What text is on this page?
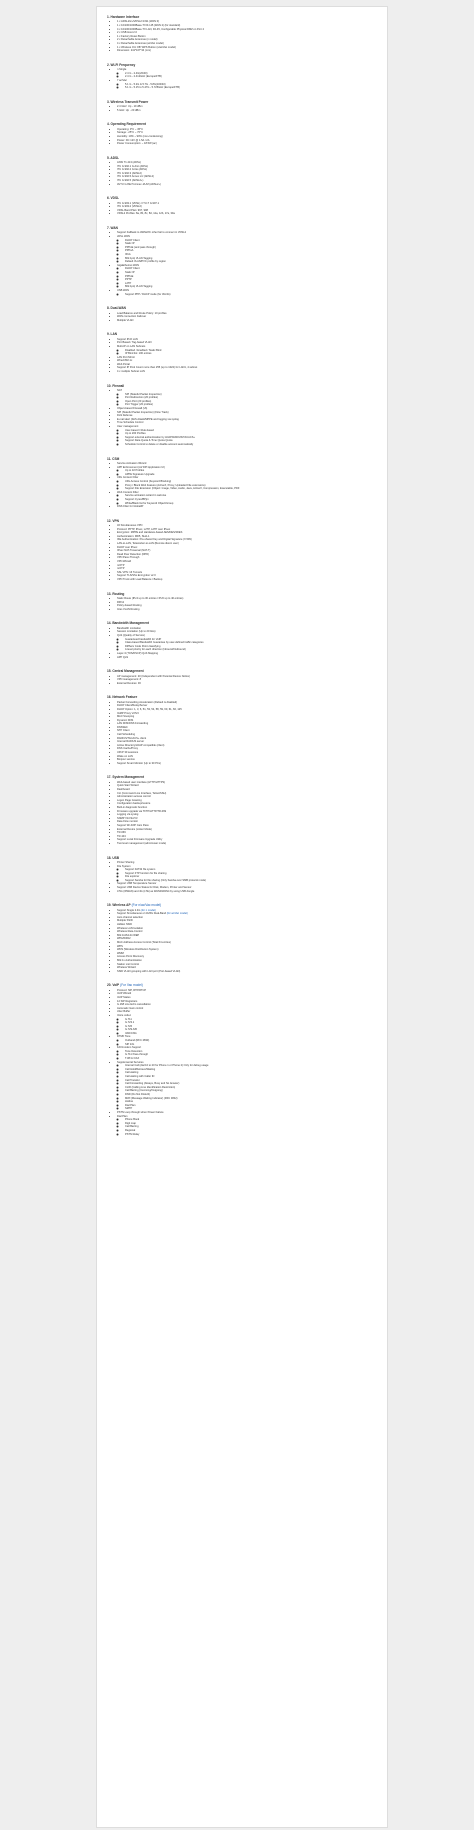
1. Hardware Interface
• 1 x ADSL2/2+/VDSL2 RJ11 (WAN 0)
• 1 x 10/100/1000Base-TX RJ-45 (WAN 2) (for standard)
• 4 x 10/100/1000Base-TX LAN, RJ-45, Configurable Physical DMZ on Port 4
• 2 x USB Host 2.0
• 1 x Factory Reset Button
• 2 x Detachable Antennas (n model)
• 4 x Detachable Antennas (ac/Vac model)
• 1 x Wireless On/ Off/ WPS Button (n/ac/Vac model)
• Dimension: 241*167*44 (mm)
2. Wi-Fi Frequency
• n Single
◦ 2.4 G - 2.4G(20/40)
◦ 2.4 G - 2.412GHz (Europe/FTB)
• 7 ac/Vac
◦ 5.1 G - 5.2G & 5.7G - 5.8G(100/40)
◦ 5.1 G - 5.15 to 5.47G - 5.725GHz (Europe/FTB)
3. Wireless Transmit Power
• 2.4 GHz: Up - 19 dBm
• 5 GHz: Up - 20 dBm
4. Operating Requirement
• Operating: 0°C ~ 45°C
• Storage: -25°C ~ 70°C
• Humidity: 10% ~ 90% (non-condensing)
• Power: DC 12V @ 1.5A / 2A
• Power Consumption: ~ 18.5W (ac)
5. ADSL
• ANSI T1.413 (ADSL)
• ITU G.992.1 G.dmt (ADSL)
• ITU G.992.2 G.lite (ADSL)
• ITU G.992.3 (ADSL2)
• ITU G.992.5 Annex L/J (ADSL2)
• ITU G.992.5 (ADSL2+)
• AVTU G.992.5 Annex J/L/M (ADSL2+)
6. VDSL
• ITU G.993.1 (VDSL) / ITU-T G.997.1
• ITU G.993.2 (VDSL2)
• VDSL Band Plan: 997, 998
• VDSL2 Profiles: 8a, 8b, 8c, 8d, 12a, 12b, 17a, 30a
7. WAN
• Support Fallback to WAN2/Or other fail to connect in VDSL2
• xDSL WAN
◦ DHCP Client
◦ Static IP
◦ PPPoE (and pass through)
◦ PPPoA
◦ IPoA
◦ 802.1p/q VLAN Tagging
◦ Default VLAN/PVC profile by region
• GigaEthernet WAN
◦ DHCP Client
◦ Static IP
◦ PPPoE
◦ PPTP
◦ L2TP
◦ 802.1p/q VLAN Tagging
• USB WAN
◦ Support PPP / DHCP mode (for 3G/4G)
8. Dual-WAN
• Load Balance and Route Policy: 10 profiles
• WAN connection Failover
• Multiple VLAN
9. LAN
• Support IPv6 LAN
• Port Based / Tag-based VLAN
• Multi-IP on LAN Subnets
◦ Disabled / Enabled / Static Bind
◦ IP Bind list: 100 entries
• LAN Port Mirror
• Wired 802.1x
• Web Portal
• Support IP Pool Count more than 255 (up to 1022) for LAN1, 4 subnet
• 4 x multiple Subnet LAN
10. Firewall
• NAT
◦ SPI (Stateful Packet Inspection)
◦ Port Redirection (20 profiles)
◦ Open Port (20 profiles)
◦ Port Trigger (20 profiles)
• Object-based Firewall (v6)
• SPI (Stateful Packet Inspection) (Flow Track)
• DoS Defense
• E-mail alert (DoS Attack/MPPE and logging via syslog
• Time Schedule Control
• User management
◦ User-based / Rule-based
◦ Up to 200 Profiles
◦ Support external authentication by LDAP/RADIUS/TACACS+
◦ Support Data Quota & Time Quota Quota
◦ Schedule Control to delete or disable account automatically
11. CSM
• Service Activation Wizard
• APP Enforcement (AI/ DPI Application UI)
◦ Up to 32 Profiles
◦ APPE Signature Upgrade
• URL Content Filter
◦ URL Access Control (Keyword Blocking)
◦ Proxy / Block Web Feature (ActiveX, Proxy, Uploaded File extensions)
◦ Support File Extension (Object: Image, Video, Audio, Java, ActiveX, Compression, Executable, PDF
• Web Content Filter
◦ Service activation wizard in web-fee
◦ Support Cyren/BPjm
◦ White/Black list for Keyword Object/Group
• DNS Filter for GlobalIP
12. VPN
• 32 Simultaneous VPN
• Protocol: PPTP, IPsec, L2TP, L2TP over IPsec
• Encryption: MPPE and Hardware-based AES/DES/3DES
• Authentication: MD5, SHA-1
• IKE Authentication: Pre-shared Key and Digital Signature (X.509)
• LAN-to-LAN, Teleworker-to-LAN (Remote dial-in user)
• DHCP over IPsec
• IPsec NAT-Traversal (NAT-T)
• Dead Peer Detection (DPD)
• VPN Pass-Through
• VPN Wizard
• mOTP
• mOTP
• SSL VPN: 16 Tunnels
• Support TLS/SSL Encryption v2.0
• VPN Trunk with Load Balance / Backup
13. Routing
• Static Route (IPv4 up to 30 entries / IPv6 up to 40 entries)
• RIPv2
• Policy-based Routing
• Inter-VLAN Routing
14. Bandwidth Management
• Bandwidth Limitation
• Session Limitation (Up to 20 lists)
• QoS (Quality of Service)
◦ Guaranteed bandwidth for VoIP
◦ Class-based Bandwidth Guarantee by user-defined traffic categories
◦ DiffServ Code Point classifying
◦ 4-level priority for each direction (Inbound/Outbound)
• Layer-3 (TOS/DSCP) QoS Mapping
• APP QoS
15. Central Management
• AP management: 20 (Independent with Parental Device Notice)
• VPN management: 8
• External Devices: 30
16. Network Feature
• Packet Forwarding Acceleration (Default is disabled)
• DHCP Client/Relay/Server
• DHCP Option: 1, 3, 6, 51, 53, 54, 58, 59, 60, 61, 66, 125
• IGMP Proxy V2/V3
• MLD Snooping
• Dynamic DNS
• LAN DNS/DNS Forwarding
• DNSSEC
• NTP Client
• Call Scheduling
• RADIUS/TACACS+ client
• Internal RADIUS server
• Active Directory/LDAP compatible (client)
• DNS Cache/Proxy
• UPnP 30 sessions
• Wake on LAN
• Bonjour service
• Support Smart Monitor (Up to 30 PCs)
17. System Management
• Web-based user interface (HTTP/HTTPS)
• Quick Start Wizard
• Dashboard
• CLI (Command Line Interface, Telnet/SSH)
• Administration access control
• Logon Page Greeting
• Configuration backup/restore
• Built-in diagnostic function
• Firmware upgrade via TFTP/HTTP/TR-069
• Logging via syslog
• SNMP V1/V2c/V3
• Data Flow monitor
• Support Wi-Fi/IP Cam Pass
• External Device (Linker Mode)
• TR-069
• TR-104
• Support Local Firmware Upgrade Utility
• Two level management (admin/user mode)
18. USB
• Printer Sharing
• File System
◦ Support FAT32 file system
◦ Support FTP function for file sharing
◦ File explorer
◦ Support Samba for file sharing (Only Samba over SMB protocol mode)
• Support USB Temperature Sensor
• Support USB Device Status for Disk, Modem, Printer and Sensor
• 3.5G (WWAN) and 4G (LTE) as WAN3/WAN4 by using USB dongle
19. Wireless AP(For n/ac/Vac model)
• Support Single 2.4G (for n model)
• Support Simultaneous 2.4G/5G Dual-Band (for ac/Vac model)
• Auto channel selection
• Multiple SSID
• Hidden SSID
• Wireless LAN Isolation
• Wireless Rate-Control
• 802.11i/64-bit WEP
• WPA/WPA2
• MAC Address Access Control (Total 64 entries)
• WPS
• WDS (Wireless Distribution System)
• WMM
• Access Point Discovery
• 802.1x Authentication
• Station List Control
• Wireless Wizard
• SSID VLAN grouping with LAN port (Port-based VLAN)
20. VoIP(For Vac model)
• Protocol: SIP, RTP/RTCP
• VoIP Wizard
• VoIP Status
• 12 SIP Registrars
• G.168 Line Echo cancellation
• Automatic Gain control
• Jitter Buffer
• Voice codec
◦ G.711
◦ G.723.1
◦ G.726
◦ G.729 A/B
◦ VAD/CNG
• DTMF Tone
◦ Outband (RFC 2833)
◦ SIP Info
• FAX/modem Support
◦ Tone Detection
◦ G.711 Pass-through
◦ T.38 for FAX
• Supplemental Services
◦ Internal Call (dial 10 to 20 for Phone 1 or Phone 2) Only for debug usage
◦ Call Hold/Retrieve/Waiting
◦ Call waiting
◦ Call waiting with Caller ID
◦ Call Transfer
◦ Call Forwarding (Always, Busy and No Answer)
◦ CLIR (Calling Line Identification Restriction)
◦ Call Barring (Incoming/Outgoing)
◦ DND (Do Not Disturb)
◦ MWI (Message Waiting Indicator) (RFC 3842)
◦ Hotline
◦ Dial Plan
◦ SMTP
• PSTN Loop through when Power Failure
• Dial Plan
◦ Phone Book
◦ Digit map
◦ Call Barring
◦ Regional
◦ PSTN Relay
